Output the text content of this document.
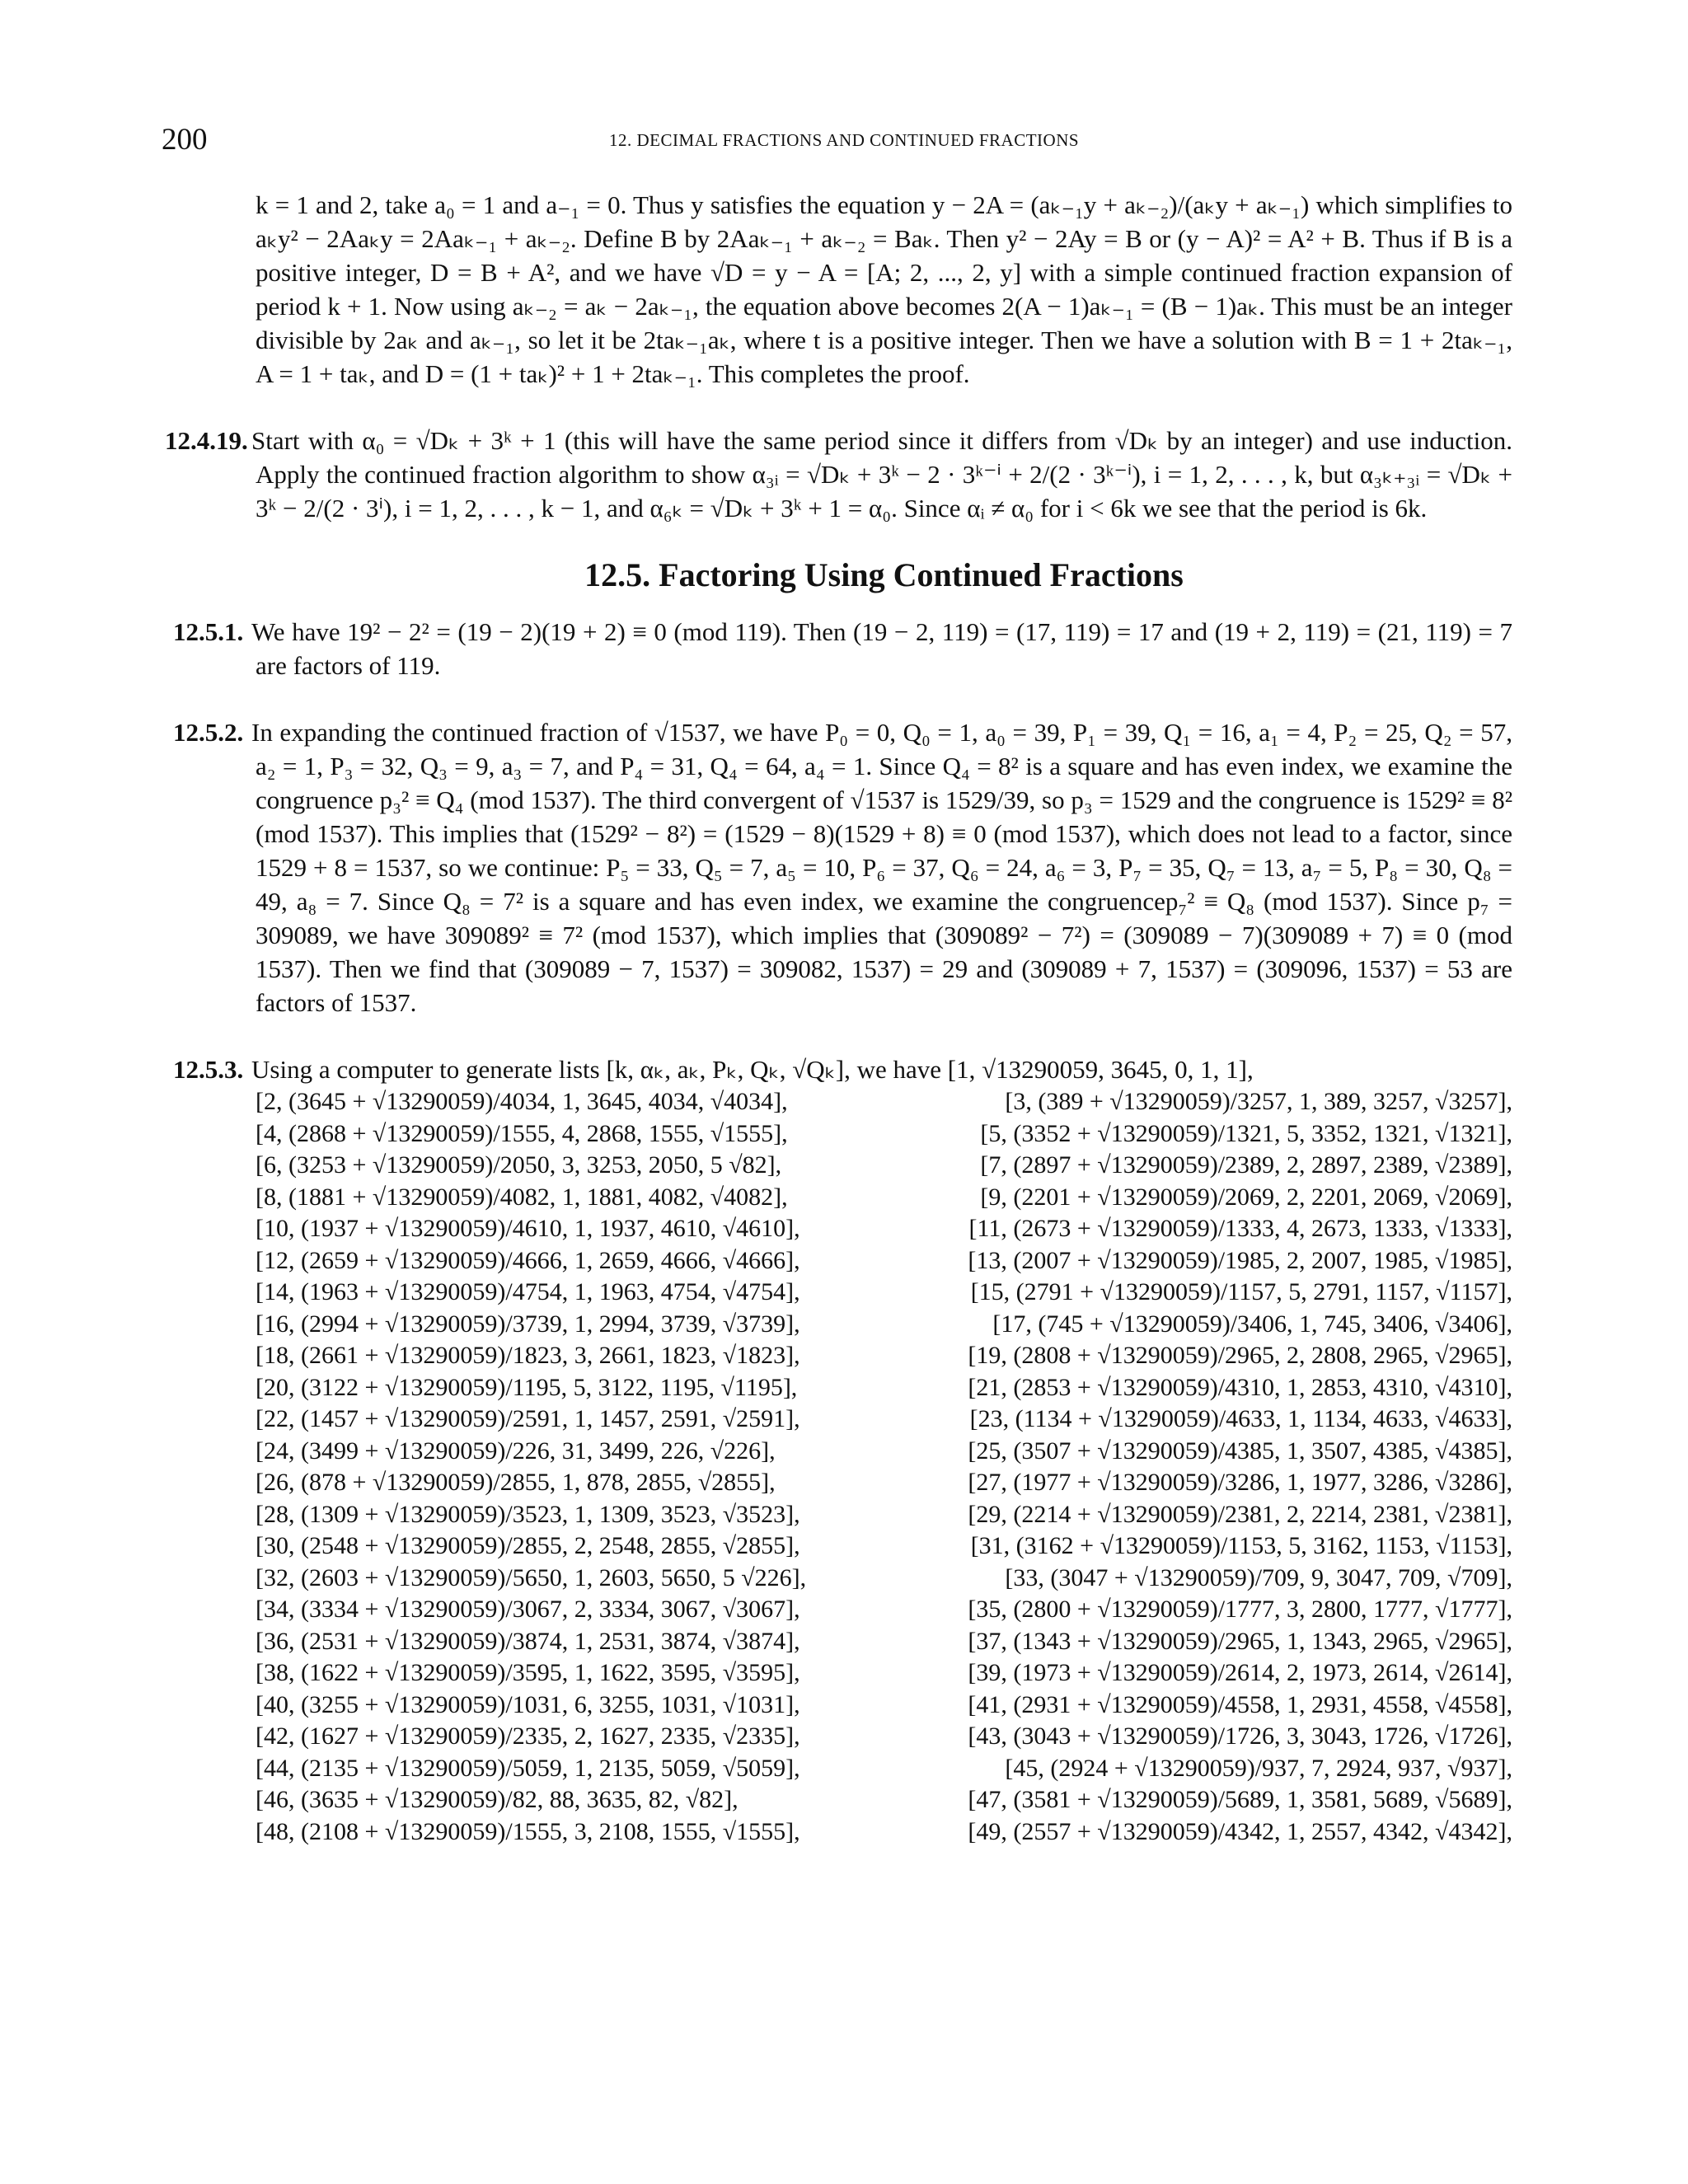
200	12. DECIMAL FRACTIONS AND CONTINUED FRACTIONS

k = 1 and 2, take a₀ = 1 and a₋₁ = 0. Thus y satisfies the equation y − 2A = (aₖ₋₁y + aₖ₋₂)/(aₖy + aₖ₋₁) which simplifies to aₖy² − 2Aaₖy = 2Aaₖ₋₁ + aₖ₋₂. Define B by 2Aaₖ₋₁ + aₖ₋₂ = Baₖ. Then y² − 2Ay = B or (y − A)² = A² + B. Thus if B is a positive integer, D = B + A², and we have √D = y − A = [A; 2, ..., 2, y] with a simple continued fraction expansion of period k + 1. Now using aₖ₋₂ = aₖ − 2aₖ₋₁, the equation above becomes 2(A − 1)aₖ₋₁ = (B − 1)aₖ. This must be an integer divisible by 2aₖ and aₖ₋₁, so let it be 2taₖ₋₁aₖ, where t is a positive integer. Then we have a solution with B = 1 + 2taₖ₋₁, A = 1 + taₖ, and D = (1 + taₖ)² + 1 + 2taₖ₋₁. This completes the proof.

12.4.19. Start with α₀ = √Dₖ + 3ᵏ + 1 (this will have the same period since it differs from √Dₖ by an integer) and use induction. Apply the continued fraction algorithm to show α₃ᵢ = √Dₖ + 3ᵏ − 2 · 3ᵏ⁻ⁱ + 2/(2 · 3ᵏ⁻ⁱ), i = 1, 2, . . . , k, but α₃ₖ₊₃ᵢ = √Dₖ + 3ᵏ − 2/(2 · 3ⁱ), i = 1, 2, . . . , k − 1, and α₆ₖ = √Dₖ + 3ᵏ + 1 = α₀. Since αᵢ ≠ α₀ for i < 6k we see that the period is 6k.

12.5. Factoring Using Continued Fractions

12.5.1. We have 19² − 2² = (19 − 2)(19 + 2) ≡ 0 (mod 119). Then (19 − 2, 119) = (17, 119) = 17 and (19 + 2, 119) = (21, 119) = 7 are factors of 119.

12.5.2. In expanding the continued fraction of √1537, we have P₀ = 0, Q₀ = 1, a₀ = 39, P₁ = 39, Q₁ = 16, a₁ = 4, P₂ = 25, Q₂ = 57, a₂ = 1, P₃ = 32, Q₃ = 9, a₃ = 7, and P₄ = 31, Q₄ = 64, a₄ = 1. Since Q₄ = 8² is a square and has even index, we examine the congruence p₃² ≡ Q₄ (mod 1537). The third convergent of √1537 is 1529/39, so p₃ = 1529 and the congruence is 1529² ≡ 8² (mod 1537). This implies that (1529² − 8²) = (1529 − 8)(1529 + 8) ≡ 0 (mod 1537), which does not lead to a factor, since 1529 + 8 = 1537, so we continue: P₅ = 33, Q₅ = 7, a₅ = 10, P₆ = 37, Q₆ = 24, a₆ = 3, P₇ = 35, Q₇ = 13, a₇ = 5, P₈ = 30, Q₈ = 49, a₈ = 7. Since Q₈ = 7² is a square and has even index, we examine the congruencep₇² ≡ Q₈ (mod 1537). Since p₇ = 309089, we have 309089² ≡ 7² (mod 1537), which implies that (309089² − 7²) = (309089 − 7)(309089 + 7) ≡ 0 (mod 1537). Then we find that (309089 − 7, 1537) = 309082, 1537) = 29 and (309089 + 7, 1537) = (309096, 1537) = 53 are factors of 1537.

12.5.3. Using a computer to generate lists [k, αₖ, aₖ, Pₖ, Qₖ, √Qₖ], we have [1, √13290059, 3645, 0, 1, 1],

[2, (3645 + √13290059)/4034, 1, 3645, 4034, √4034],	[3, (389 + √13290059)/3257, 1, 389, 3257, √3257],
[4, (2868 + √13290059)/1555, 4, 2868, 1555, √1555],	[5, (3352 + √13290059)/1321, 5, 3352, 1321, √1321],
[6, (3253 + √13290059)/2050, 3, 3253, 2050, 5 √82],	[7, (2897 + √13290059)/2389, 2, 2897, 2389, √2389],
[8, (1881 + √13290059)/4082, 1, 1881, 4082, √4082],	[9, (2201 + √13290059)/2069, 2, 2201, 2069, √2069],
[10, (1937 + √13290059)/4610, 1, 1937, 4610, √4610],	[11, (2673 + √13290059)/1333, 4, 2673, 1333, √1333],
[12, (2659 + √13290059)/4666, 1, 2659, 4666, √4666],	[13, (2007 + √13290059)/1985, 2, 2007, 1985, √1985],
[14, (1963 + √13290059)/4754, 1, 1963, 4754, √4754],	[15, (2791 + √13290059)/1157, 5, 2791, 1157, √1157],
[16, (2994 + √13290059)/3739, 1, 2994, 3739, √3739],	[17, (745 + √13290059)/3406, 1, 745, 3406, √3406],
[18, (2661 + √13290059)/1823, 3, 2661, 1823, √1823],	[19, (2808 + √13290059)/2965, 2, 2808, 2965, √2965],
[20, (3122 + √13290059)/1195, 5, 3122, 1195, √1195],	[21, (2853 + √13290059)/4310, 1, 2853, 4310, √4310],
[22, (1457 + √13290059)/2591, 1, 1457, 2591, √2591],	[23, (1134 + √13290059)/4633, 1, 1134, 4633, √4633],
[24, (3499 + √13290059)/226, 31, 3499, 226, √226],	[25, (3507 + √13290059)/4385, 1, 3507, 4385, √4385],
[26, (878 + √13290059)/2855, 1, 878, 2855, √2855],	[27, (1977 + √13290059)/3286, 1, 1977, 3286, √3286],
[28, (1309 + √13290059)/3523, 1, 1309, 3523, √3523],	[29, (2214 + √13290059)/2381, 2, 2214, 2381, √2381],
[30, (2548 + √13290059)/2855, 2, 2548, 2855, √2855],	[31, (3162 + √13290059)/1153, 5, 3162, 1153, √1153],
[32, (2603 + √13290059)/5650, 1, 2603, 5650, 5 √226],	[33, (3047 + √13290059)/709, 9, 3047, 709, √709],
[34, (3334 + √13290059)/3067, 2, 3334, 3067, √3067],	[35, (2800 + √13290059)/1777, 3, 2800, 1777, √1777],
[36, (2531 + √13290059)/3874, 1, 2531, 3874, √3874],	[37, (1343 + √13290059)/2965, 1, 1343, 2965, √2965],
[38, (1622 + √13290059)/3595, 1, 1622, 3595, √3595],	[39, (1973 + √13290059)/2614, 2, 1973, 2614, √2614],
[40, (3255 + √13290059)/1031, 6, 3255, 1031, √1031],	[41, (2931 + √13290059)/4558, 1, 2931, 4558, √4558],
[42, (1627 + √13290059)/2335, 2, 1627, 2335, √2335],	[43, (3043 + √13290059)/1726, 3, 3043, 1726, √1726],
[44, (2135 + √13290059)/5059, 1, 2135, 5059, √5059],	[45, (2924 + √13290059)/937, 7, 2924, 937, √937],
[46, (3635 + √13290059)/82, 88, 3635, 82, √82],	[47, (3581 + √13290059)/5689, 1, 3581, 5689, √5689],
[48, (2108 + √13290059)/1555, 3, 2108, 1555, √1555],	[49, (2557 + √13290059)/4342, 1, 2557, 4342, √4342],
